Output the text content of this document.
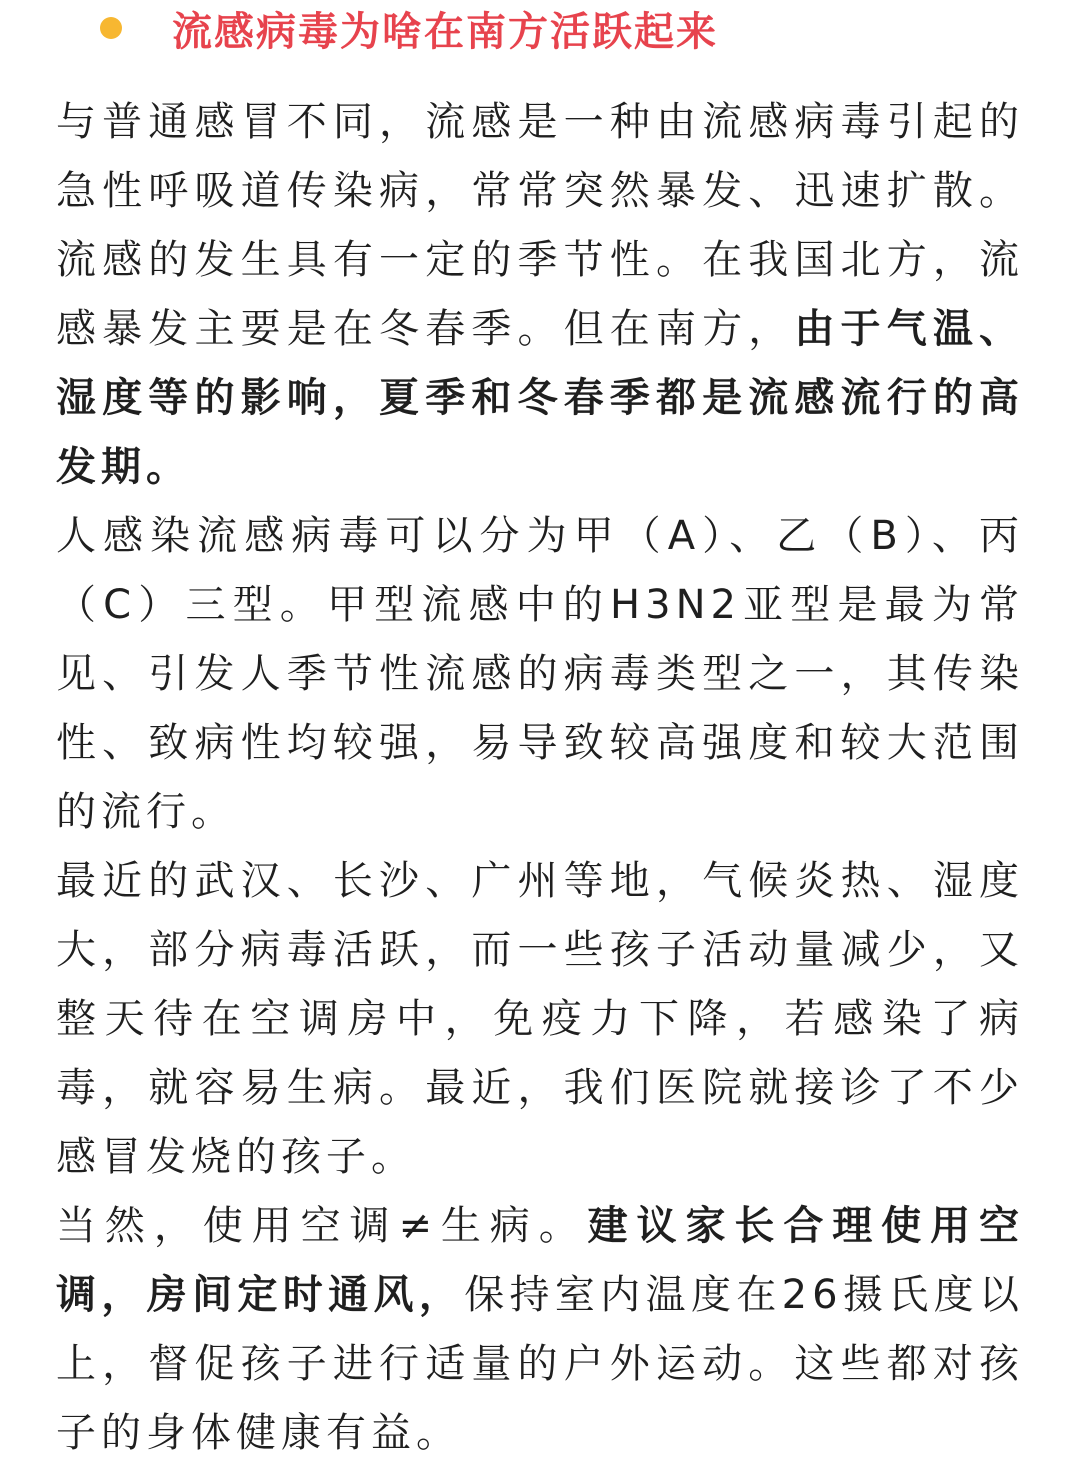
流感病毒为啥在南方活跃起来

与普通感冒不同，流感是一种由流感病毒引起的急性呼吸道传染病，常常突然暴发、迅速扩散。流感的发生具有一定的季节性。在我国北方，流感暴发主要是在冬春季。但在南方，由于气温、湿度等的影响，夏季和冬春季都是流感流行的高发期。

人感染流感病毒可以分为甲（A）、乙（B）、丙（C）三型。甲型流感中的H3N2亚型是最为常见、引发人季节性流感的病毒类型之一，其传染性、致病性均较强，易导致较高强度和较大范围的流行。

最近的武汉、长沙、广州等地，气候炎热、湿度大，部分病毒活跃，而一些孩子活动量减少，又整天待在空调房中，免疫力下降，若感染了病毒，就容易生病。最近，我们医院就接诊了不少感冒发烧的孩子。

当然，使用空调≠生病。建议家长合理使用空调，房间定时通风，保持室内温度在26摄氏度以上，督促孩子进行适量的户外运动。这些都对孩子的身体健康有益。
